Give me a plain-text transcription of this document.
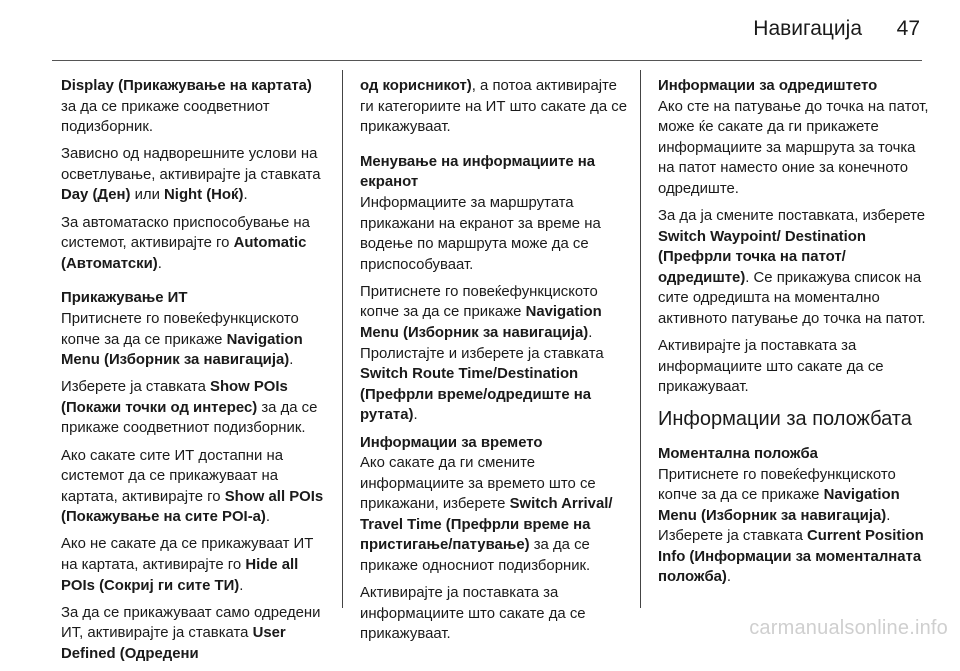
Навигација 47

Display (Прикажување на картата)
за да се прикаже соодветниот подизборник.

Зависно од надворешните услови на осветлување, активирајте ја ставката Day (Ден) или Night (Ноќ).

За автоматаско приспособување на системот, активирајте го Automatic (Автоматски).

Прикажување ИТ
Притиснете го повеќефункциското копче за да се прикаже Navigation Menu (Изборник за навигација).

Изберете ја ставката Show POIs (Покажи точки од интерес) за да се прикаже соодветниот подизборник.

Ако сакате сите ИТ достапни на системот да се прикажуваат на картата, активирајте го Show all POIs (Покажување на сите POI-a).

Ако не сакате да се прикажуваат ИТ на картата, активирајте го Hide all POIs (Сокриј ги сите ТИ).

За да се прикажуваат само одредени ИТ, активирајте ја ставката User Defined (Одредени

од корисникот), а потоа активирајте ги категориите на ИТ што сакате да се прикажуваат.

Менување на информациите на екранот
Информациите за маршрутата прикажани на екранот за време на водење по маршрута може да се приспособуваат.

Притиснете го повеќефункциското копче за да се прикаже Navigation Menu (Изборник за навигација). Пролистајте и изберете ја ставката Switch Route Time/Destination (Префрли време/одредиште на рутата).

Информации за времето
Ако сакате да ги смените информациите за времето што се прикажани, изберете Switch Arrival/ Travel Time (Префрли време на пристигање/патување) за да се прикаже односниот подизборник.

Активирајте ја поставката за информациите што сакате да се прикажуваат.

Информации за одредиштето
Ако сте на патување до точка на патот, може ќе сакате да ги прикажете информациите за маршрута за точка на патот наместо оние за конечното одредиште.

За да ја смените поставката, изберете Switch Waypoint/ Destination (Префрли точка на патот/одредиште). Се прикажува список на сите одредишта на моментално активното патување до точка на патот.

Активирајте ја поставката за информациите што сакате да се прикажуваат.

Информации за положбата

Моментална положба
Притиснете го повеќефункциското копче за да се прикаже Navigation Menu (Изборник за навигација). Изберете ја ставката Current Position Info (Информации за моменталната положба).

carmanualsonline.info
